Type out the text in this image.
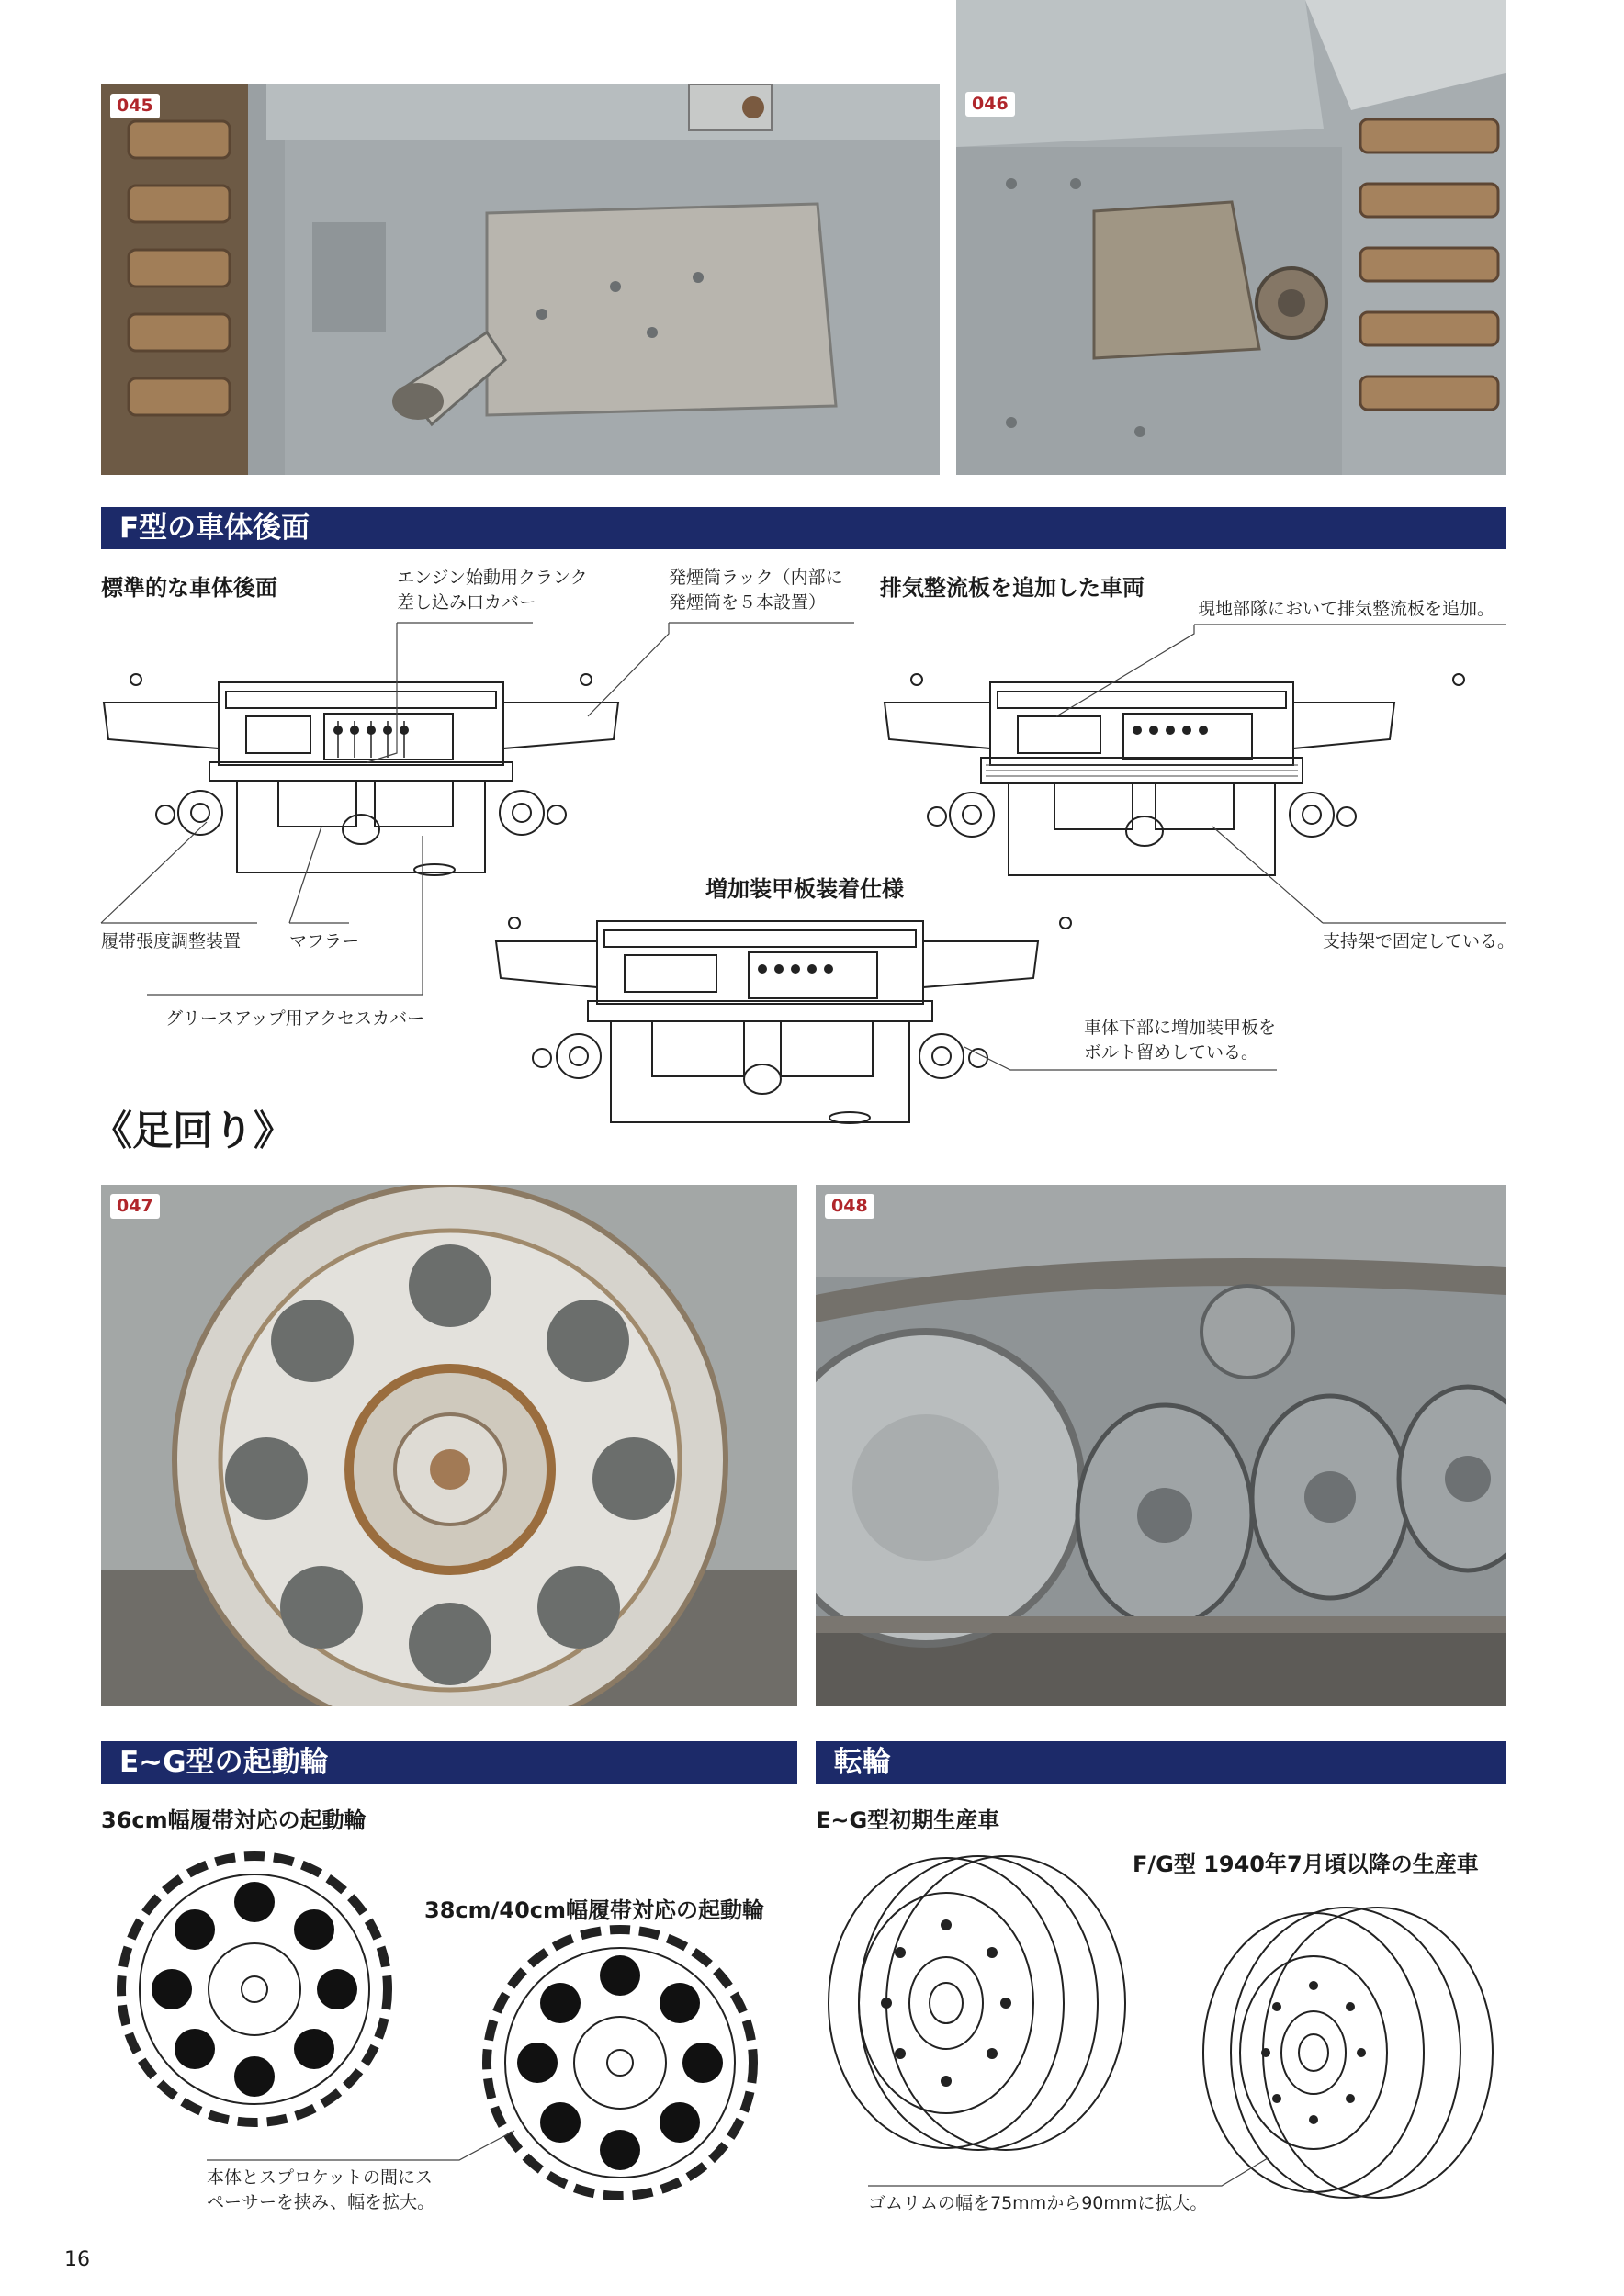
045	046
F型の車体後面
標準的な車体後面	排気整流板を追加した車両
エンジン始動用クランク
差し込み口カバー
発煙筒ラック（内部に
発煙筒を５本設置）	現地部隊において排気整流板を追加。
増加装甲板装着仕様
履帯張度調整装置	マフラー
グリースアップ用アクセスカバー
支持架で固定している。
車体下部に増加装甲板を
ボルト留めしている。
《足回り》
047	048
E~G型の起動輪	転輪
36cm幅履帯対応の起動輪
38cm/40cm幅履帯対応の起動輪
E~G型初期生産車
F/G型 1940年7月頃以降の生産車
本体とスプロケットの間にス
ペーサーを挟み、幅を拡大。	ゴムリムの幅を75mmから90mmに拡大。
16
